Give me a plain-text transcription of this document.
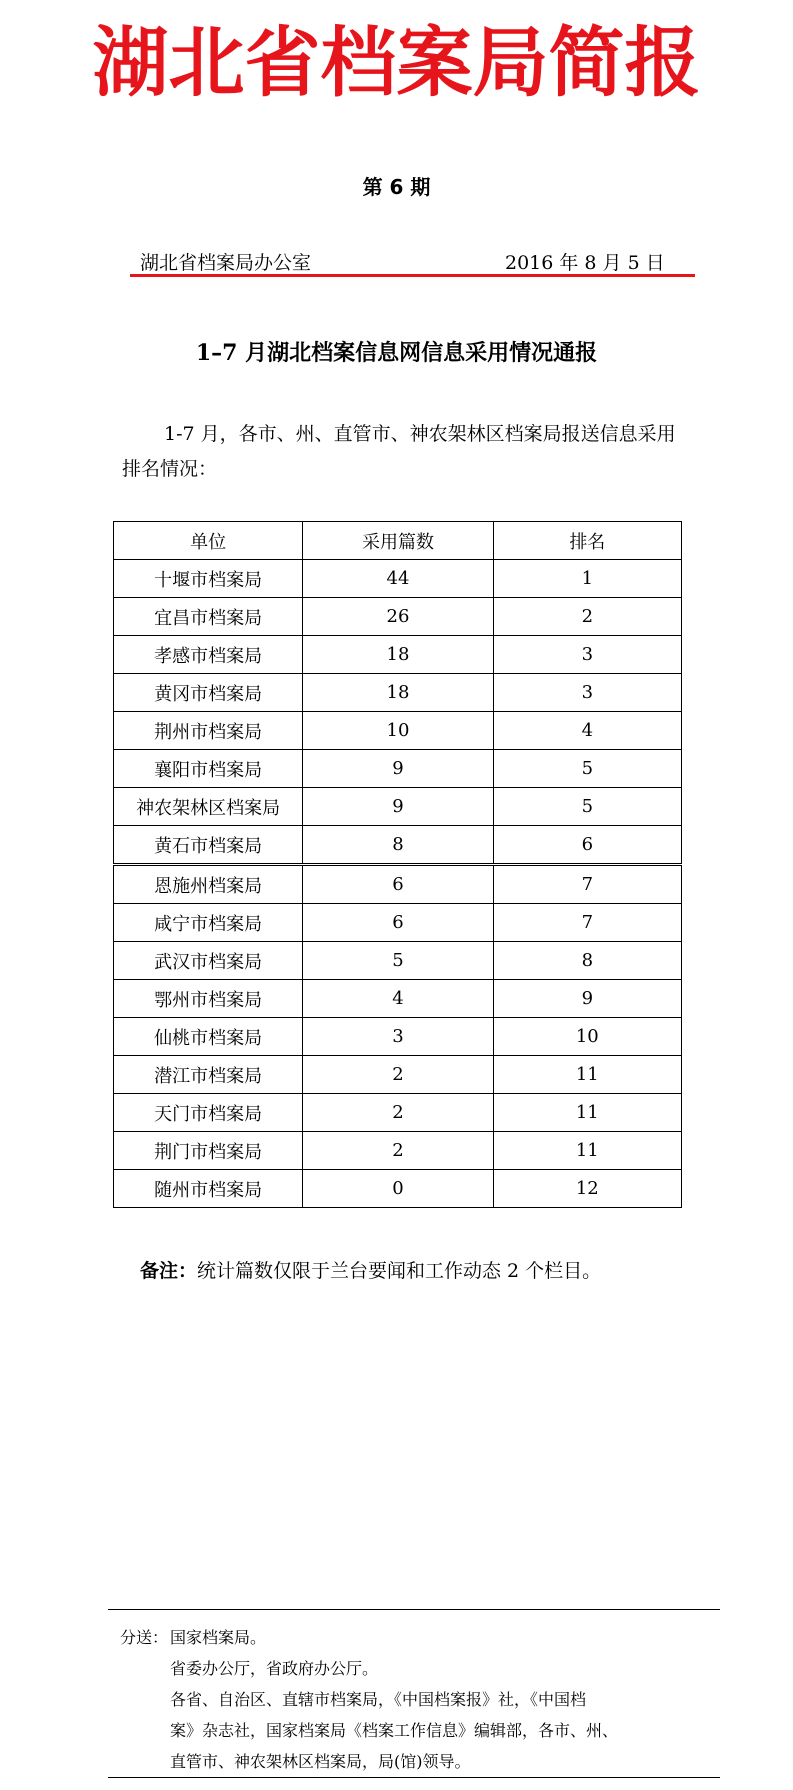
湖北省档案局简报
第 6 期
湖北省档案局办公室	2016 年 8 月 5 日
1–7 月湖北档案信息网信息采用情况通报
1-7 月，各市、州、直管市、神农架林区档案局报送信息采用排名情况：
单位	采用篇数	排名
十堰市档案局	44	1
宜昌市档案局	26	2
孝感市档案局	18	3
黄冈市档案局	18	3
荆州市档案局	10	4
襄阳市档案局	9	5
神农架林区档案局	9	5
黄石市档案局	8	6
恩施州档案局	6	7
咸宁市档案局	6	7
武汉市档案局	5	8
鄂州市档案局	4	9
仙桃市档案局	3	10
潜江市档案局	2	11
天门市档案局	2	11
荆门市档案局	2	11
随州市档案局	0	12
备注：统计篇数仅限于兰台要闻和工作动态 2 个栏目。
分送： 国家档案局。
省委办公厅，省政府办公厅。
各省、自治区、直辖市档案局，《中国档案报》社，《中国档
案》杂志社，国家档案局《档案工作信息》编辑部，各市、州、
直管市、神农架林区档案局，局(馆)领导。
